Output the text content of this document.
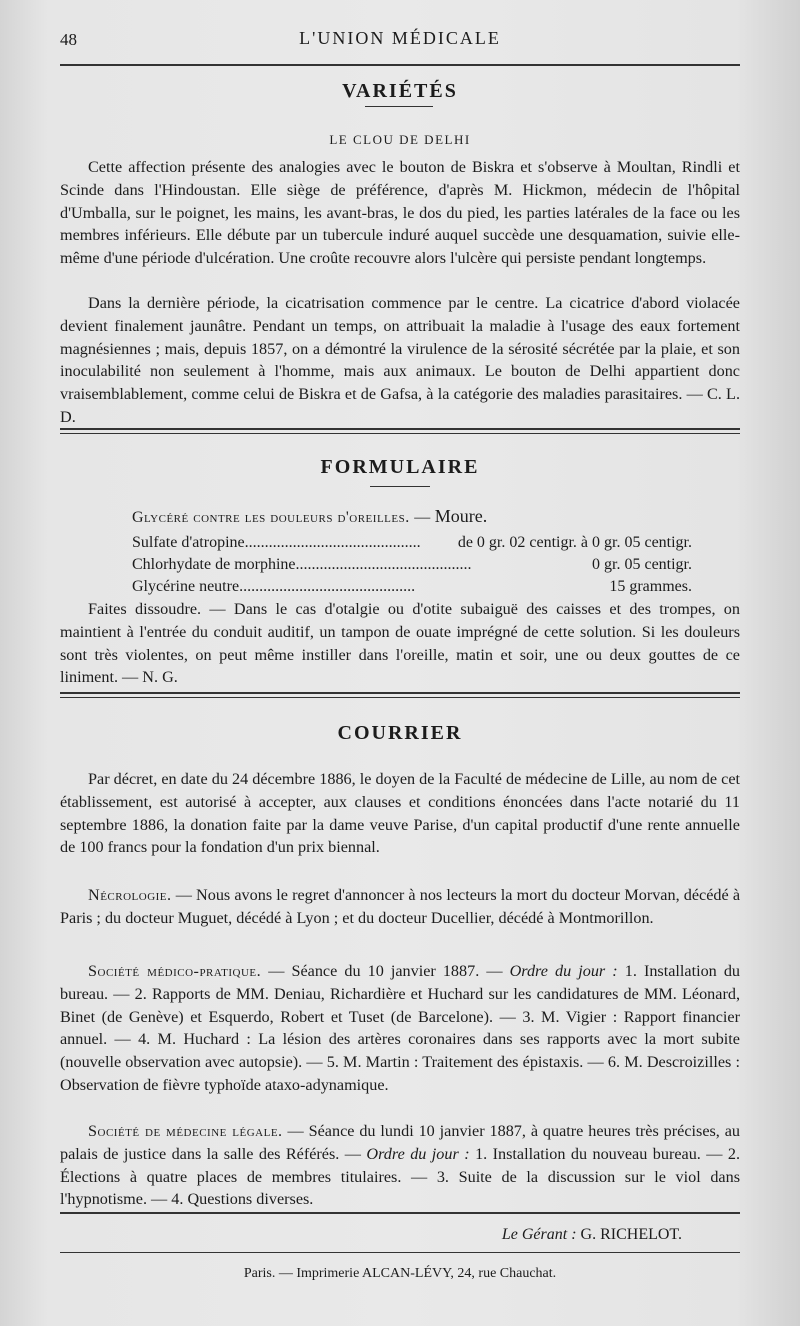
48	L'UNION MÉDICALE
VARIÉTÉS
LE CLOU DE DELHI

Cette affection présente des analogies avec le bouton de Biskra et s'observe à Moultan, Rindli et Scinde dans l'Hindoustan. Elle siège de préférence, d'après M. Hickmon, médecin de l'hôpital d'Umballa, sur le poignet, les mains, les avant-bras, le dos du pied, les parties latérales de la face ou les membres inférieurs. Elle débute par un tubercule induré auquel succède une desquamation, suivie elle-même d'une période d'ulcération. Une croûte recouvre alors l'ulcère qui persiste pendant longtemps.

Dans la dernière période, la cicatrisation commence par le centre. La cicatrice d'abord violacée devient finalement jaunâtre. Pendant un temps, on attribuait la maladie à l'usage des eaux fortement magnésiennes ; mais, depuis 1857, on a démontré la virulence de la sérosité sécrétée par la plaie, et son inoculabilité non seulement à l'homme, mais aux animaux. Le bouton de Delhi appartient donc vraisemblablement, comme celui de Biskra et de Gafsa, à la catégorie des maladies parasitaires. — C. L. D.

FORMULAIRE
Glycéré contre les douleurs d'oreilles. — Moure.
Sulfate d'atropine............................................	de 0 gr. 02 centigr. à 0 gr. 05 centigr.
Chlorhydate de morphine............................................	0 gr. 05 centigr.
Glycérine neutre............................................	15 grammes.

Faites dissoudre. — Dans le cas d'otalgie ou d'otite subaiguë des caisses et des trompes, on maintient à l'entrée du conduit auditif, un tampon de ouate imprégné de cette solution. Si les douleurs sont très violentes, on peut même instiller dans l'oreille, matin et soir, une ou deux gouttes de ce liniment. — N. G.

COURRIER

Par décret, en date du 24 décembre 1886, le doyen de la Faculté de médecine de Lille, au nom de cet établissement, est autorisé à accepter, aux clauses et conditions énoncées dans l'acte notarié du 11 septembre 1886, la donation faite par la dame veuve Parise, d'un capital productif d'une rente annuelle de 100 francs pour la fondation d'un prix biennal.

Nécrologie. — Nous avons le regret d'annoncer à nos lecteurs la mort du docteur Morvan, décédé à Paris ; du docteur Muguet, décédé à Lyon ; et du docteur Ducellier, décédé à Montmorillon.

Société médico-pratique. — Séance du 10 janvier 1887. — Ordre du jour : 1. Installation du bureau. — 2. Rapports de MM. Deniau, Richardière et Huchard sur les candidatures de MM. Léonard, Binet (de Genève) et Esquerdo, Robert et Tuset (de Barcelone). — 3. M. Vigier : Rapport financier annuel. — 4. M. Huchard : La lésion des artères coronaires dans ses rapports avec la mort subite (nouvelle observation avec autopsie). — 5. M. Martin : Traitement des épistaxis. — 6. M. Descroizilles : Observation de fièvre typhoïde ataxo-adynamique.

Société de médecine légale. — Séance du lundi 10 janvier 1887, à quatre heures très précises, au palais de justice dans la salle des Référés. — Ordre du jour : 1. Installation du nouveau bureau. — 2. Élections à quatre places de membres titulaires. — 3. Suite de la discussion sur le viol dans l'hypnotisme. — 4. Questions diverses.

Le Gérant : G. RICHELOT.
Paris. — Imprimerie ALCAN-LÉVY, 24, rue Chauchat.
